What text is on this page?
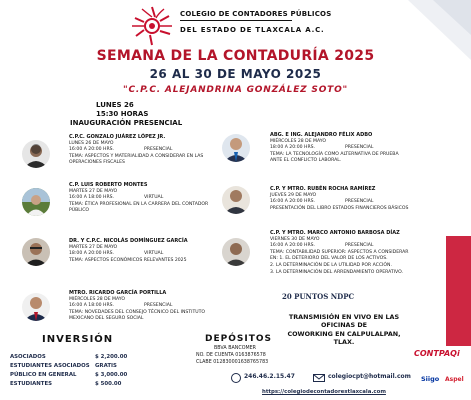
COLEGIO DE CONTADORES PÚBLICOS
DEL ESTADO DE TLAXCALA A.C.
SEMANA DE LA CONTADURÍA 2025
26 AL 30 DE MAYO 2025
"C.P.C. ALEJANDRINA GONZÁLEZ SOTO"
LUNES 26
15:30 HORAS
INAUGURACIÓN PRESENCIAL
C.P.C. GONZALO JUÁREZ LÓPEZ JR.
LUNES 26 DE MAYO
16:00 A 20:00 HRS.	PRESENCIAL
TEMA: ASPECTOS Y MATERIALIDAD A CONSIDERAR EN LAS
OPERACIONES FISCALES
C.P. LUIS ROBERTO MONTES
MARTES 27 DE MAYO
16:00 A 18:00 HRS.	VIRTUAL
TEMA: ÉTICA PROFESIONAL EN LA CARRERA DEL CONTADOR
PÚBLICO
DR. Y C.P.C. NICOLÁS DOMÍNGUEZ GARCÍA
MARTES 27 DE MAYO
18:00 A 20:00 HRS.	VIRTUAL
TEMA: ASPECTOS ECONÓMICOS RELEVANTES 2025
MTRO. RICARDO GARCÍA PORTILLA
MIÉRCOLES 28 DE MAYO
16:00 A 18:00 HRS.	PRESENCIAL
TEMA: NOVEDADES DEL CONSEJO TÉCNICO DEL INSTITUTO
MEXICANO DEL SEGURO SOCIAL
ABG. E ING. ALEJANDRO FÉLIX ADBO
MIÉRCOLES 28 DE MAYO
18:00 A 20:00 HRS.	PRESENCIAL
TEMA: LA TECNOLOGÍA COMO ALTERNATIVA DE PRUEBA
ANTE EL CONFLICTO LABORAL.
C.P. Y MTRO. RUBÉN ROCHA RAMÍREZ
JUEVES 29 DE MAYO
16:00 A 20:00 HRS.	PRESENCIAL
PRESENTACIÓN DEL LIBRO ESTADOS FINANCIEROS BÁSICOS
C.P. Y MTRO. MARCO ANTONIO BARBOSA DÍAZ
VIERNES 30 DE MAYO
16:00 A 20:00 HRS.	PRESENCIAL
TEMA: CONTABILIDAD SUPERIOR: ASPECTOS A CONSIDERAR
EN: 1. EL DETERIORO DEL VALOR DE LOS ACTIVOS.
2. LA DETERMINACIÓN DE LA UTILIDAD POR ACCIÓN.
3. LA DETERMINACIÓN DEL ARRENDAMIENTO OPERATIVO.
20 PUNTOS NDPC
TRANSMISIÓN EN VIVO EN LAS
OFICINAS DE
COWORKING EN CALPULALPAN,
TLAX.
INVERSIÓN
ASOCIADOS	$ 2,200.00
ESTUDIANTES ASOCIADOS GRATIS
PÚBLICO EN GENERAL	$ 3,000.00
ESTUDIANTES	$ 500.00
DEPÓSITOS
BBVA BANCOMER
NO. DE CUENTA 0163876578
CLABE 012830001638765783
246.46.2.15.47	colegiocpt@hotmail.com
https://colegiodecontadorestlaxcala.com
CONTPAQi
Siigo Aspel
